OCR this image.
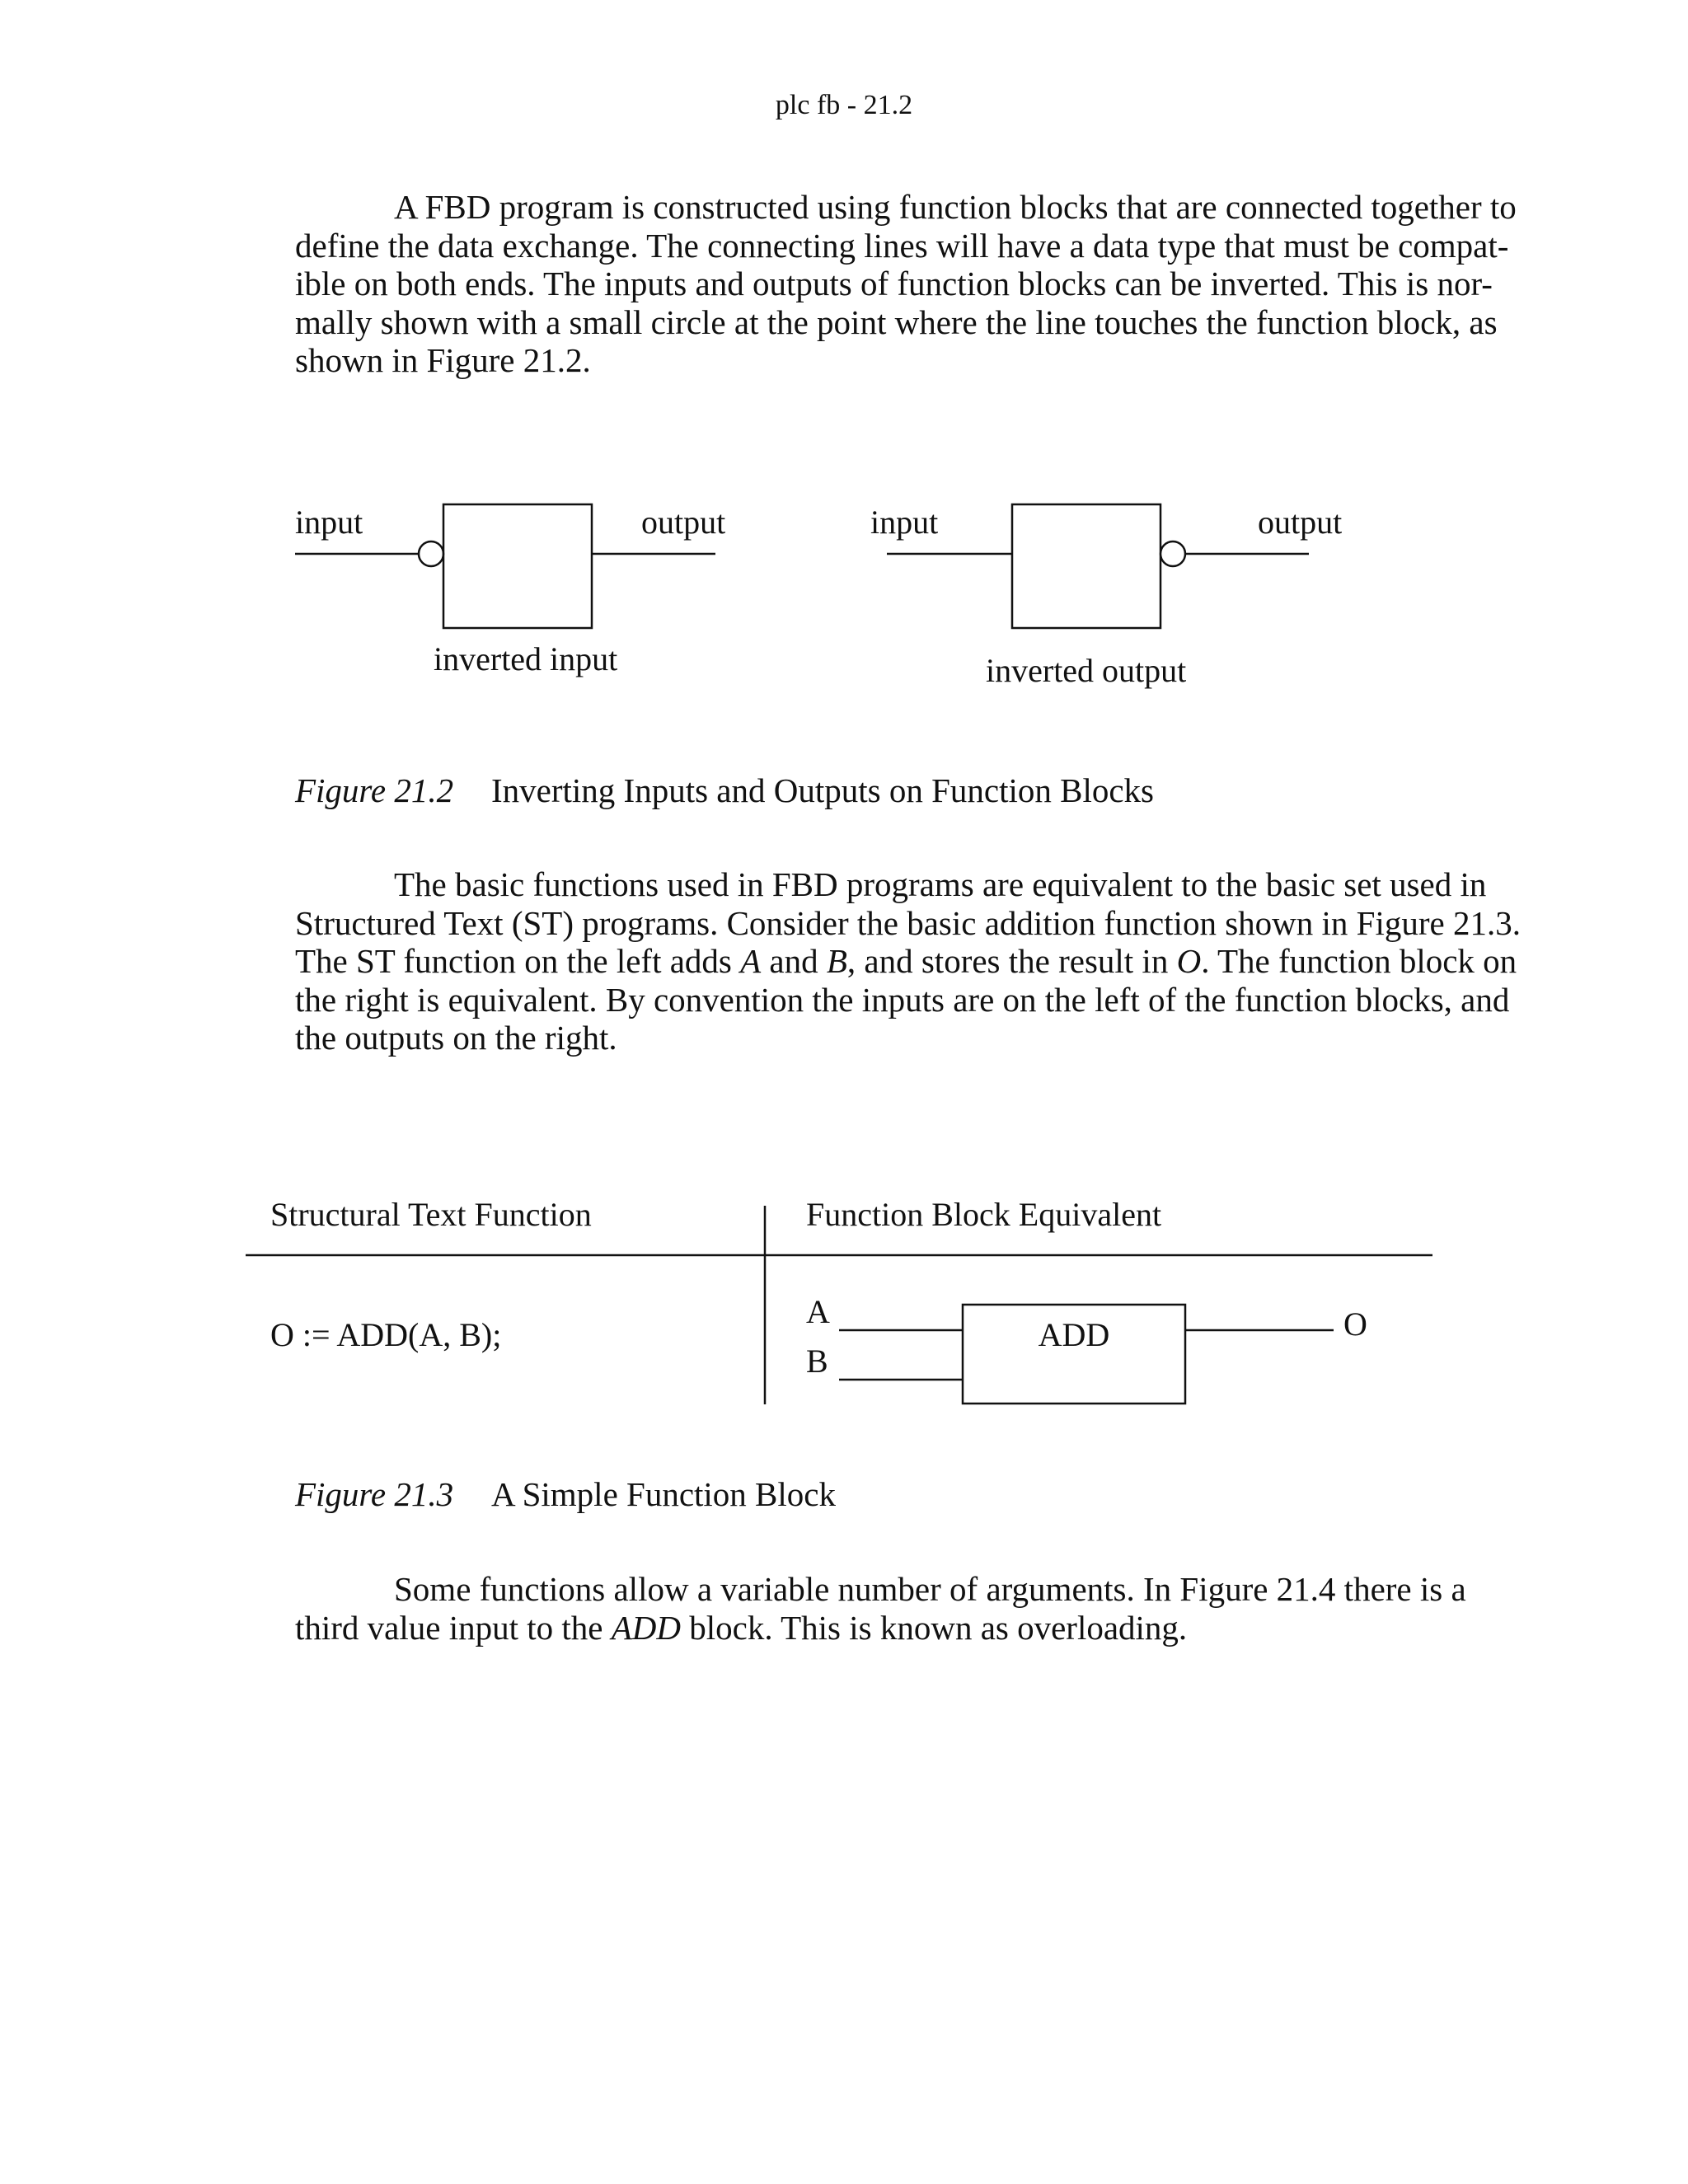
plc fb - 21.2
A FBD program is constructed using function blocks that are connected together to
define the data exchange. The connecting lines will have a data type that must be compat-
ible on both ends. The inputs and outputs of function blocks can be inverted. This is nor-
mally shown with a small circle at the point where the line touches the function block, as
shown in Figure 21.2.
input	output
inverted input
input	output
inverted output
Figure 21.2 Inverting Inputs and Outputs on Function Blocks
The basic functions used in FBD programs are equivalent to the basic set used in
Structured Text (ST) programs. Consider the basic addition function shown in Figure 21.3.
The ST function on the left adds A and B, and stores the result in O. The function block on
the right is equivalent. By convention the inputs are on the left of the function blocks, and
the outputs on the right.
Structural Text Function	Function Block Equivalent
O := ADD(A, B);
A
B
ADD	O
Figure 21.3 A Simple Function Block
Some functions allow a variable number of arguments. In Figure 21.4 there is a
third value input to the ADD block. This is known as overloading.
